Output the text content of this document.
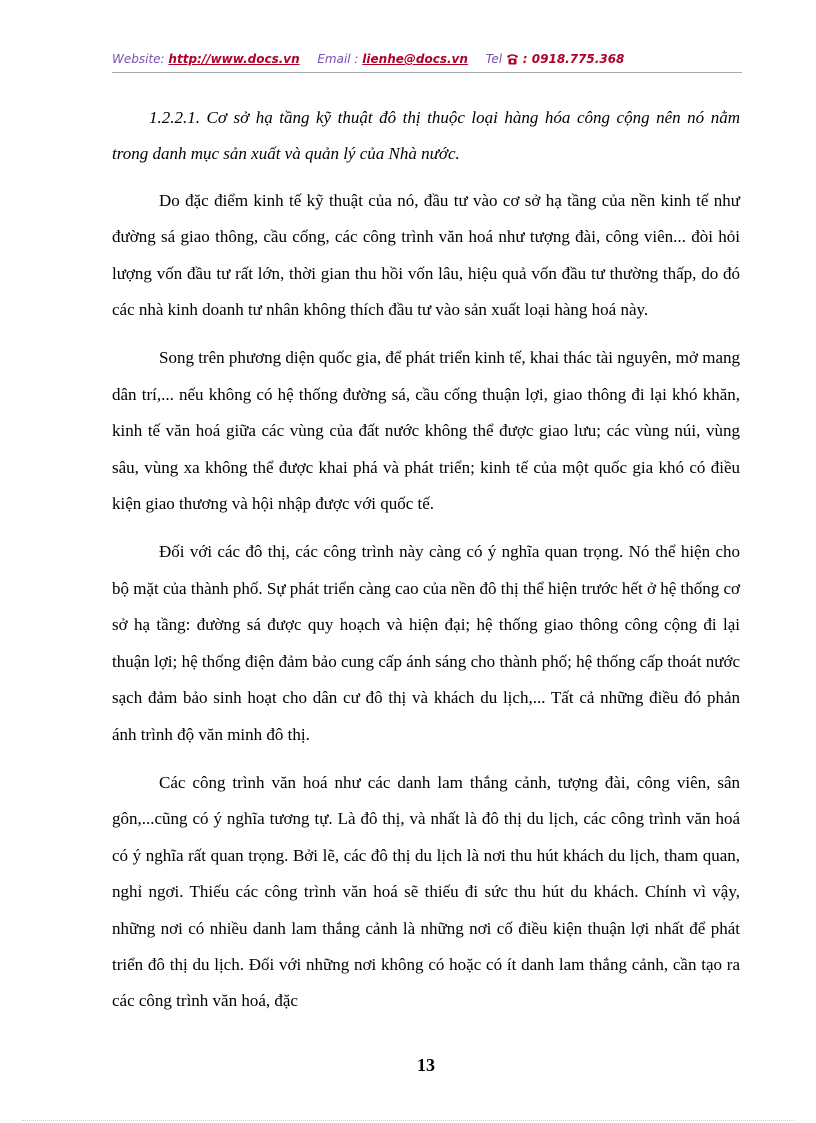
Website: http://www.docs.vn Email : lienhe@docs.vn Tel : 0918.775.368

1.2.2.1. Cơ sở hạ tầng kỹ thuật đô thị thuộc loại hàng hóa công cộng nên nó nằm trong danh mục sản xuất và quản lý của Nhà nước.

Do đặc điểm kinh tế kỹ thuật của nó, đầu tư vào cơ sở hạ tầng của nền kinh tế như đường sá giao thông, cầu cống, các công trình văn hoá như tượng đài, công viên... đòi hỏi lượng vốn đầu tư rất lớn, thời gian thu hồi vốn lâu, hiệu quả vốn đầu tư thường thấp, do đó các nhà kinh doanh tư nhân không thích đầu tư vào sản xuất loại hàng hoá này.

Song trên phương diện quốc gia, để phát triển kinh tế, khai thác tài nguyên, mở mang dân trí,... nếu không có hệ thống đường sá, cầu cống thuận lợi, giao thông đi lại khó khăn, kinh tế văn hoá giữa các vùng của đất nước không thể được giao lưu; các vùng núi, vùng sâu, vùng xa không thể được khai phá và phát triển; kinh tế của một quốc gia khó có điều kiện giao thương và hội nhập được với quốc tế.

Đối với các đô thị, các công trình này càng có ý nghĩa quan trọng. Nó thể hiện cho bộ mặt của thành phố. Sự phát triển càng cao của nền đô thị thể hiện trước hết ở hệ thống cơ sở hạ tầng: đường sá được quy hoạch và hiện đại; hệ thống giao thông công cộng đi lại thuận lợi; hệ thống điện đảm bảo cung cấp ánh sáng cho thành phố; hệ thống cấp thoát nước sạch đảm bảo sinh hoạt cho dân cư đô thị và khách du lịch,... Tất cả những điều đó phản ánh trình độ văn minh đô thị.

Các công trình văn hoá như các danh lam thắng cảnh, tượng đài, công viên, sân gôn,...cũng có ý nghĩa tương tự. Là đô thị, và nhất là đô thị du lịch, các công trình văn hoá có ý nghĩa rất quan trọng. Bởi lẽ, các đô thị du lịch là nơi thu hút khách du lịch, tham quan, nghỉ ngơi. Thiếu các công trình văn hoá sẽ thiếu đi sức thu hút du khách. Chính vì vậy, những nơi có nhiều danh lam thắng cảnh là những nơi cố điều kiện thuận lợi nhất để phát triển đô thị du lịch. Đối với những nơi không có hoặc có ít danh lam thắng cảnh, cần tạo ra các công trình văn hoá, đặc

13
